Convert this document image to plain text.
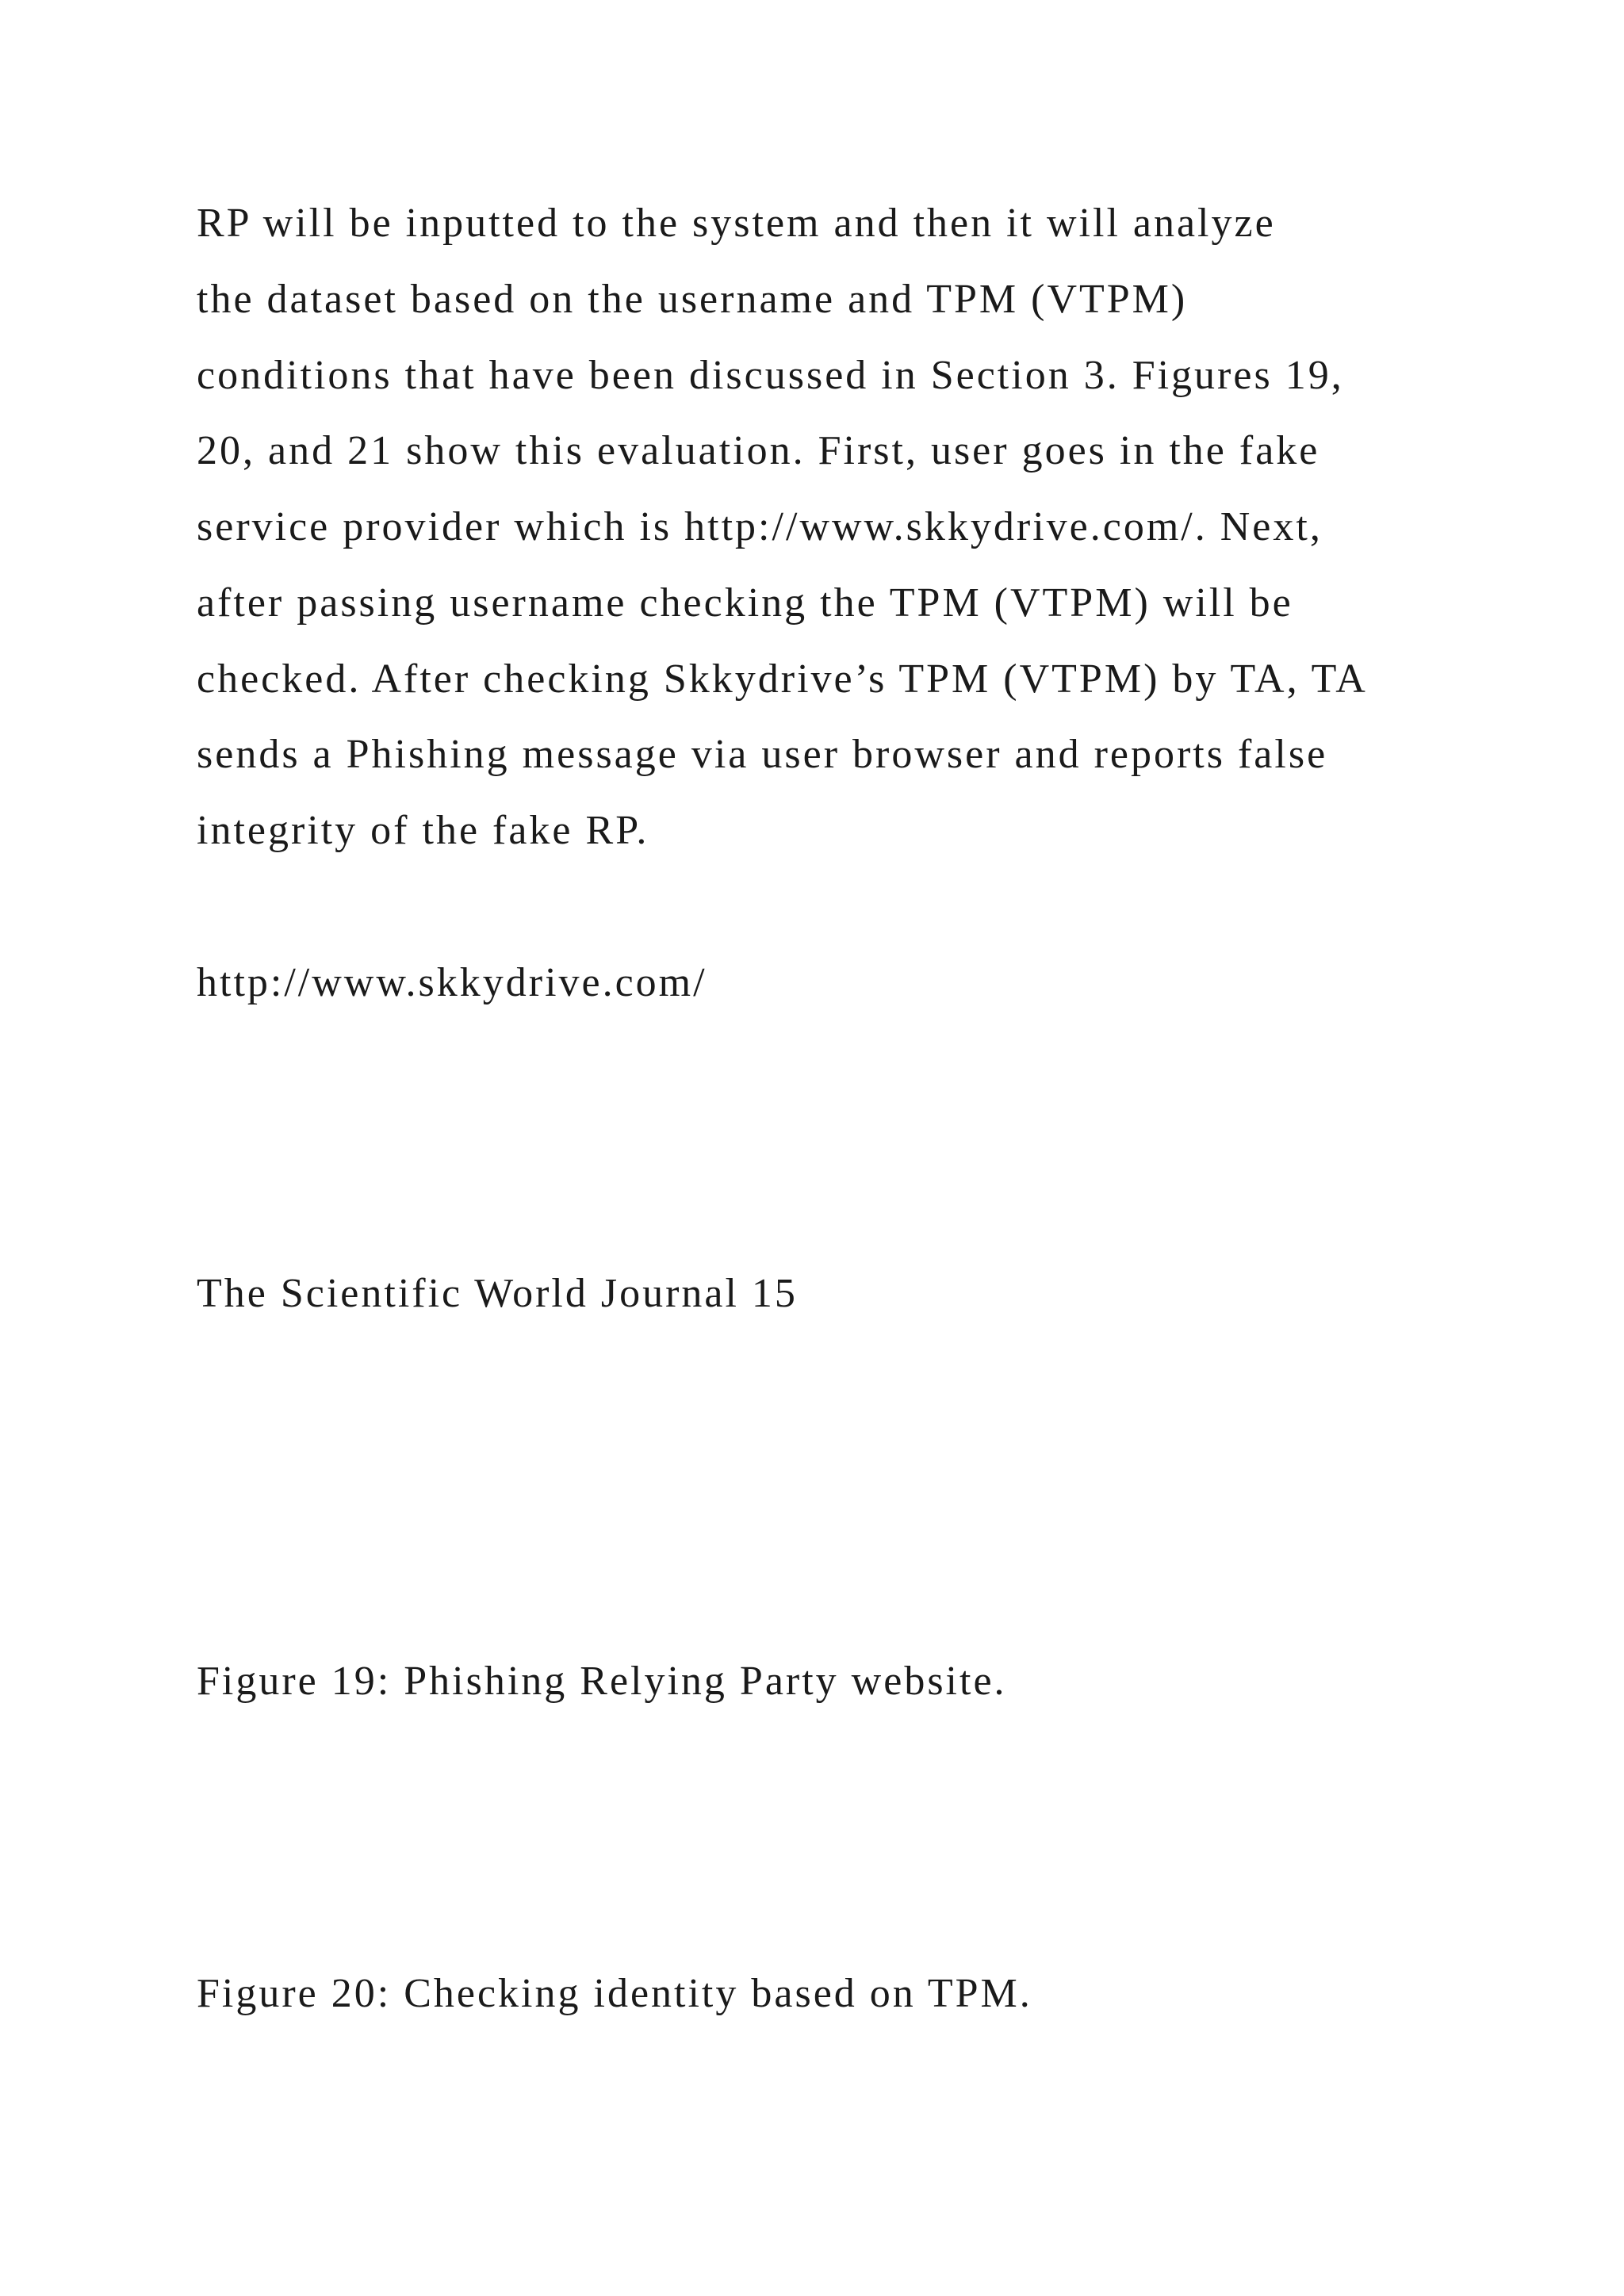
RP will be inputted to the system and then it will analyze
the dataset based on the username and TPM (VTPM)
conditions that have been discussed in Section 3. Figures 19,
20, and 21 show this evaluation. First, user goes in the fake
service provider which is http://www.skkydrive.com/. Next,
after passing username checking the TPM (VTPM) will be
checked. After checking Skkydrive’s TPM (VTPM) by TA, TA
sends a Phishing message via user browser and reports false
integrity of the fake RP.
http://www.skkydrive.com/
The Scientific World Journal 15
Figure 19: Phishing Relying Party website.
Figure 20: Checking identity based on TPM.
